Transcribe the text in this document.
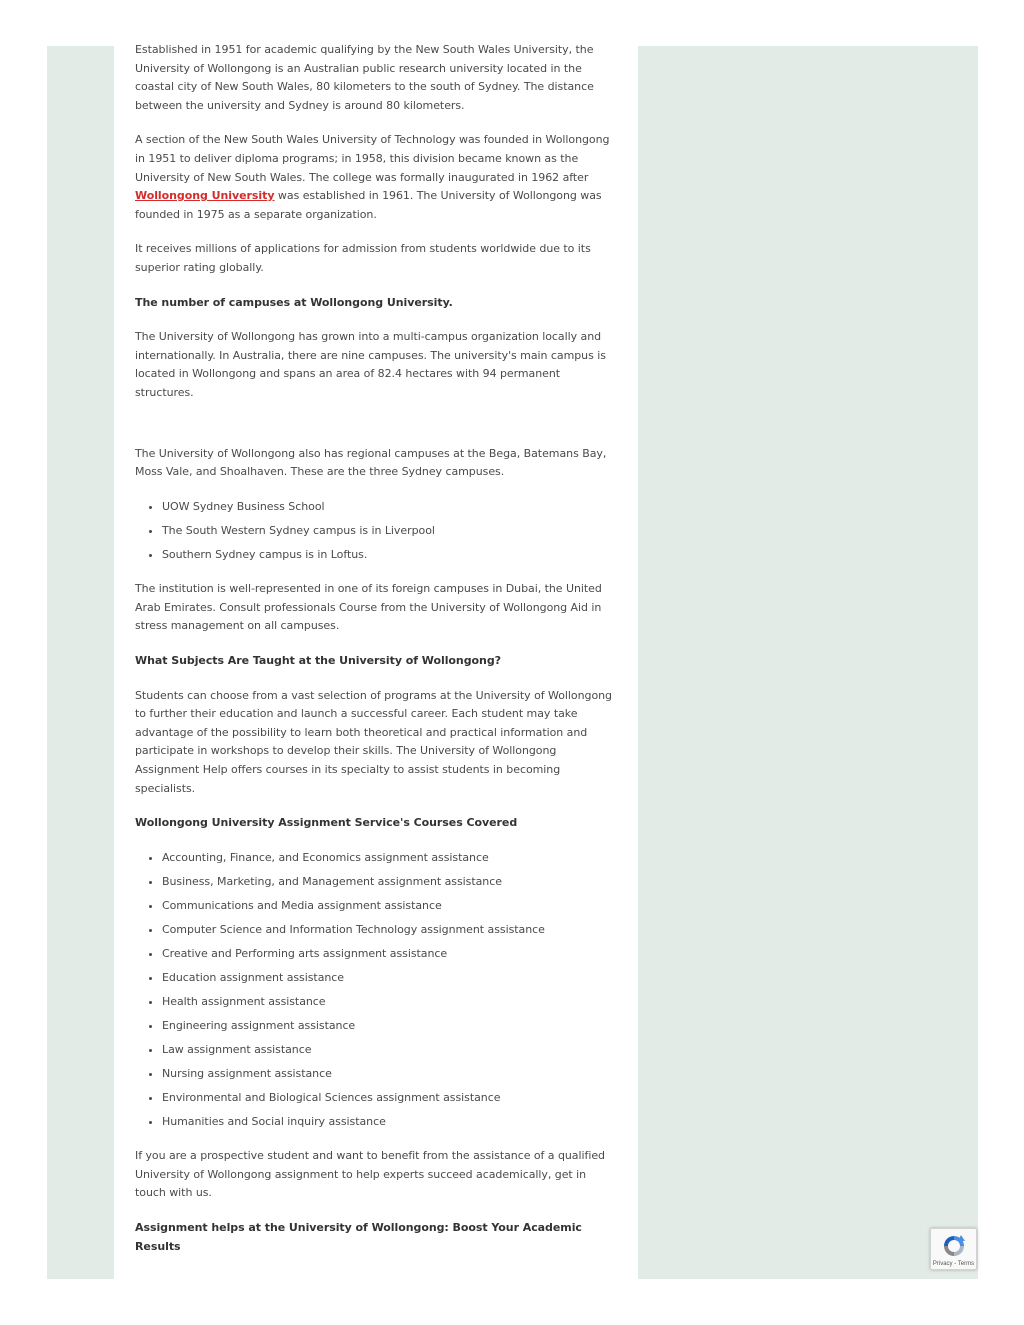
Established in 1951 for academic qualifying by the New South Wales University, the University of Wollongong is an Australian public research university located in the coastal city of New South Wales, 80 kilometers to the south of Sydney. The distance between the university and Sydney is around 80 kilometers.

A section of the New South Wales University of Technology was founded in Wollongong in 1951 to deliver diploma programs; in 1958, this division became known as the University of New South Wales. The college was formally inaugurated in 1962 after Wollongong University was established in 1961. The University of Wollongong was founded in 1975 as a separate organization.

It receives millions of applications for admission from students worldwide due to its superior rating globally.

The number of campuses at Wollongong University.

The University of Wollongong has grown into a multi-campus organization locally and internationally. In Australia, there are nine campuses. The university's main campus is located in Wollongong and spans an area of 82.4 hectares with 94 permanent structures.

The University of Wollongong also has regional campuses at the Bega, Batemans Bay, Moss Vale, and Shoalhaven. These are the three Sydney campuses.

• UOW Sydney Business School
• The South Western Sydney campus is in Liverpool
• Southern Sydney campus is in Loftus.

The institution is well-represented in one of its foreign campuses in Dubai, the United Arab Emirates. Consult professionals Course from the University of Wollongong Aid in stress management on all campuses.

What Subjects Are Taught at the University of Wollongong?

Students can choose from a vast selection of programs at the University of Wollongong to further their education and launch a successful career. Each student may take advantage of the possibility to learn both theoretical and practical information and participate in workshops to develop their skills. The University of Wollongong Assignment Help offers courses in its specialty to assist students in becoming specialists.

Wollongong University Assignment Service's Courses Covered

• Accounting, Finance, and Economics assignment assistance
• Business, Marketing, and Management assignment assistance
• Communications and Media assignment assistance
• Computer Science and Information Technology assignment assistance
• Creative and Performing arts assignment assistance
• Education assignment assistance
• Health assignment assistance
• Engineering assignment assistance
• Law assignment assistance
• Nursing assignment assistance
• Environmental and Biological Sciences assignment assistance
• Humanities and Social inquiry assistance

If you are a prospective student and want to benefit from the assistance of a qualified University of Wollongong assignment to help experts succeed academically, get in touch with us.

Assignment helps at the University of Wollongong: Boost Your Academic Results

Privacy - Terms
